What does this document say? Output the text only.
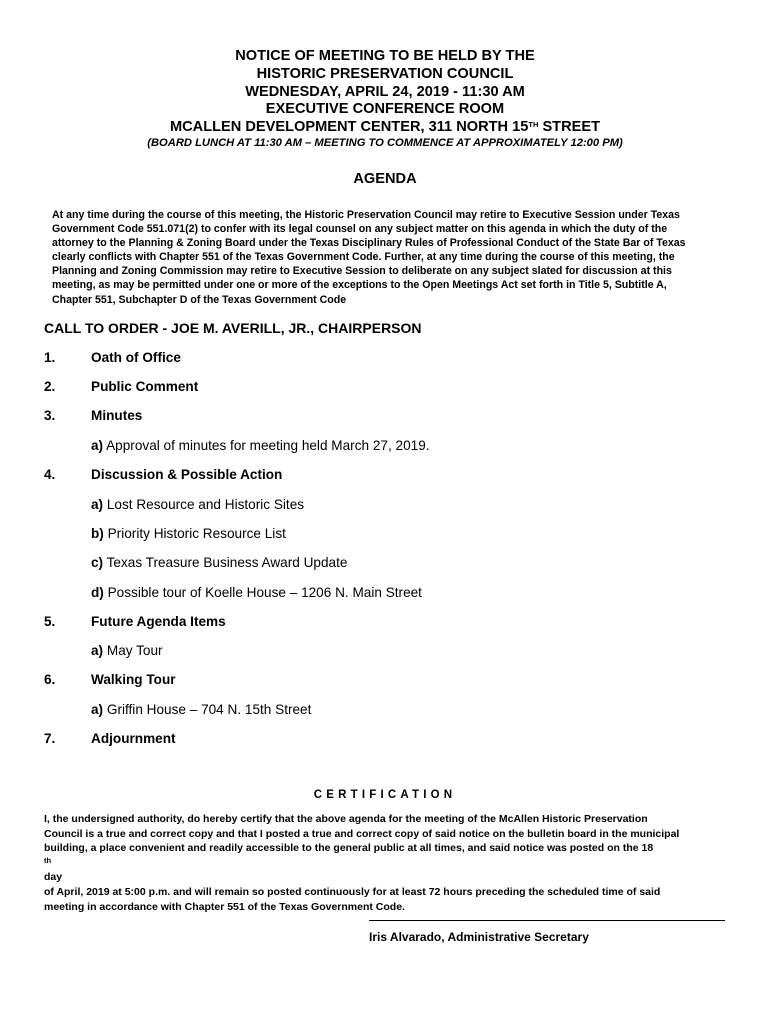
NOTICE OF MEETING TO BE HELD BY THE
HISTORIC PRESERVATION COUNCIL
WEDNESDAY, APRIL 24, 2019 - 11:30 AM
EXECUTIVE CONFERENCE ROOM
MCALLEN DEVELOPMENT CENTER, 311 NORTH 15TH STREET
(BOARD LUNCH AT 11:30 AM – MEETING TO COMMENCE AT APPROXIMATELY 12:00 PM)
AGENDA
At any time during the course of this meeting, the Historic Preservation Council may retire to Executive Session under Texas
Government Code 551.071(2) to confer with its legal counsel on any subject matter on this agenda in which the duty of the
attorney to the Planning & Zoning Board under the Texas Disciplinary Rules of Professional Conduct of the State Bar of Texas
clearly conflicts with Chapter 551 of the Texas Government Code. Further, at any time during the course of this meeting, the
Planning and Zoning Commission may retire to Executive Session to deliberate on any subject slated for discussion at this
meeting, as may be permitted under one or more of the exceptions to the Open Meetings Act set forth in Title 5, Subtitle A,
Chapter 551, Subchapter D of the Texas Government Code
CALL TO ORDER - JOE M. AVERILL, JR., CHAIRPERSON
1.	Oath of Office
2.	Public Comment
3.	Minutes
a) Approval of minutes for meeting held March 27, 2019.
4.	Discussion & Possible Action
a) Lost Resource and Historic Sites
b) Priority Historic Resource List
c) Texas Treasure Business Award Update
d) Possible tour of Koelle House – 1206 N. Main Street
5.	Future Agenda Items
a) May Tour
6.	Walking Tour
a) Griffin House – 704 N. 15th Street
7.	Adjournment
CERTIFICATION
I, the undersigned authority, do hereby certify that the above agenda for the meeting of the McAllen Historic Preservation
Council is a true and correct copy and that I posted a true and correct copy of said notice on the bulletin board in the municipal
building, a place convenient and readily accessible to the general public at all times, and said notice was posted on the 18
$^{th}$
day
of April, 2019 at 5:00 p.m. and will remain so posted continuously for at least 72 hours preceding the scheduled time of said
meeting in accordance with Chapter 551 of the Texas Government Code.
Iris Alvarado, Administrative Secretary
